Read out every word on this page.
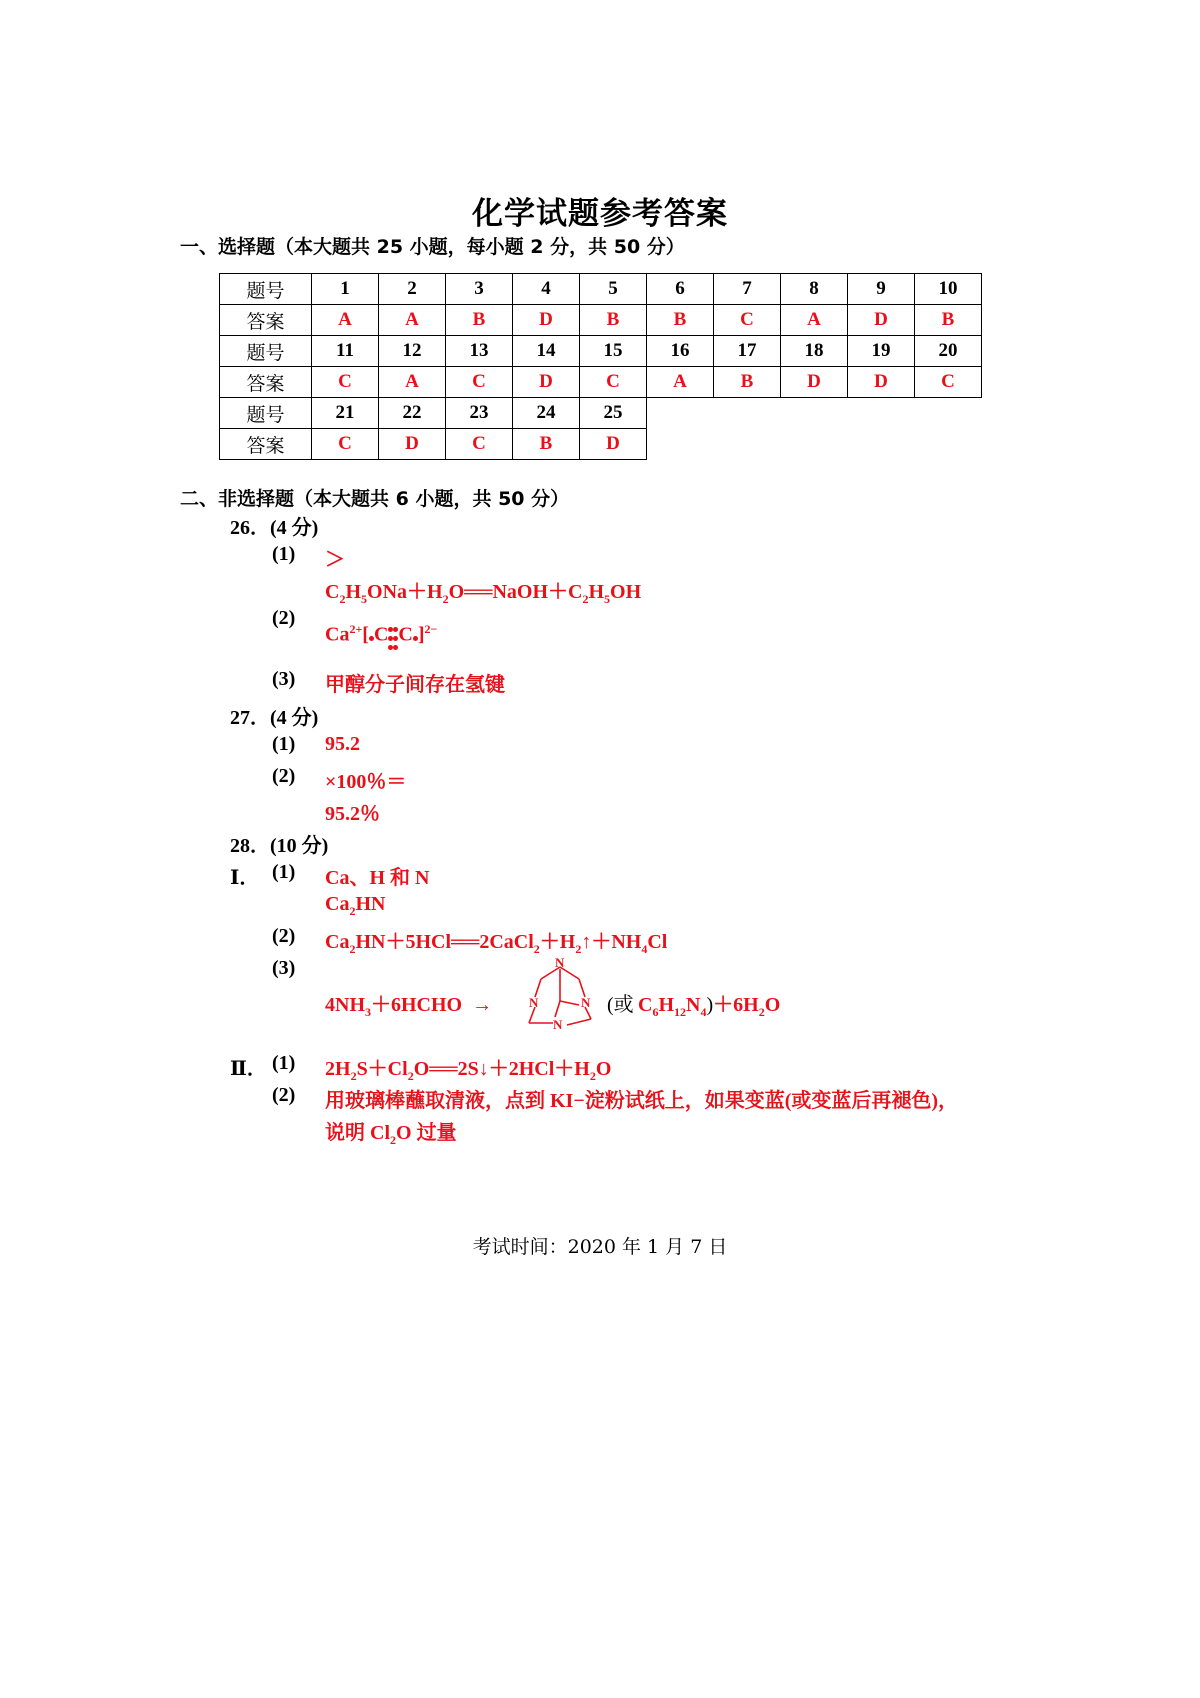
化学试题参考答案
一、选择题（本大题共 25 小题，每小题 2 分，共 50 分）
题号	1	2	3	4	5	6	7	8	9	10
答案	A	A	B	D	B	B	C	A	D	B
题号	11	12	13	14	15	16	17	18	19	20
答案	C	A	C	D	C	A	B	D	D	C
题号	21	22	23	24	25					
答案	C	D	C	B	D					
二、非选择题（本大题共 6 小题，共 50 分）
26．(4 分)
(1) ＞
$C_2H_5ONa+H_2O══NaOH+C_2H_5OH$
(2)
$Ca^{2+}$[ C C ]$^{2-}$
(3) 甲醇分子间存在氢键
27．(4 分)
(1) 95.2
(2) ×100％＝
95.2％
28．(10 分)
Ⅰ． (1) Ca、H 和 N
$Ca_2HN$
(2) $Ca_2HN+5HCl══2CaCl_2+H_2↑+NH_4Cl$
(3)
$4NH_3+6HCHO$  →
N
N	N
N
(或 $C_6H_{12}N_4)+6H_2O$
Ⅱ． (1) $2H_2S+Cl_2O══2S↓+2HCl+H_2O$
(2) 用玻璃棒蘸取清液，点到 KI−淀粉试纸上，如果变蓝(或变蓝后再褪色)，
说明 $Cl_2O$ 过量
考试时间：2020 年 1 月 7 日
